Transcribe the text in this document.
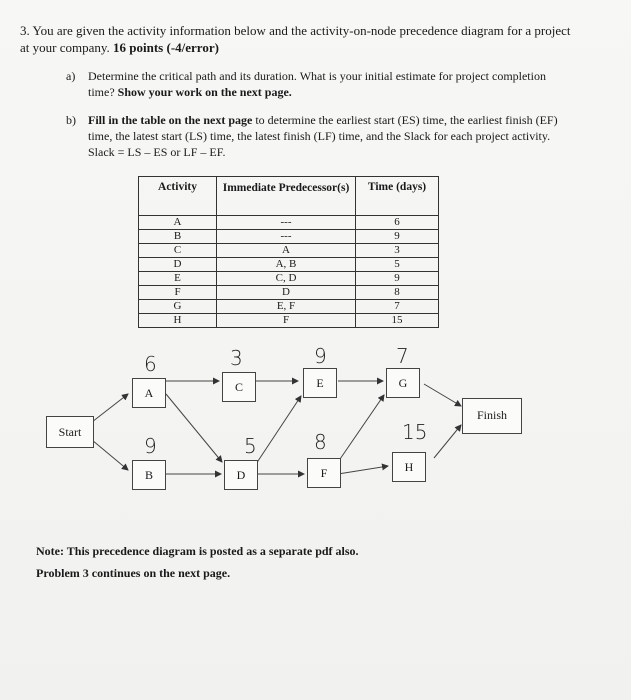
3. You are given the activity information below and the activity-on-node precedence diagram for a project at your company. 16 points (-4/error)
a) Determine the critical path and its duration. What is your initial estimate for project completion time? Show your work on the next page.
b) Fill in the table on the next page to determine the earliest start (ES) time, the earliest finish (EF) time, the latest start (LS) time, the latest finish (LF) time, and the Slack for each project activity. Slack = LS – ES or LF – EF.
Activity	Immediate Predecessor(s)	Time (days)
A	---	6
B	---	9
C	A	3
D	A, B	5
E	C, D	9
F	D	8
G	E, F	7
H	F	15
Start
Finish
A
B
C
D
E
F
G
H
6
9
3
5
9
8
7
15
Note: This precedence diagram is posted as a separate pdf also.
Problem 3 continues on the next page.
